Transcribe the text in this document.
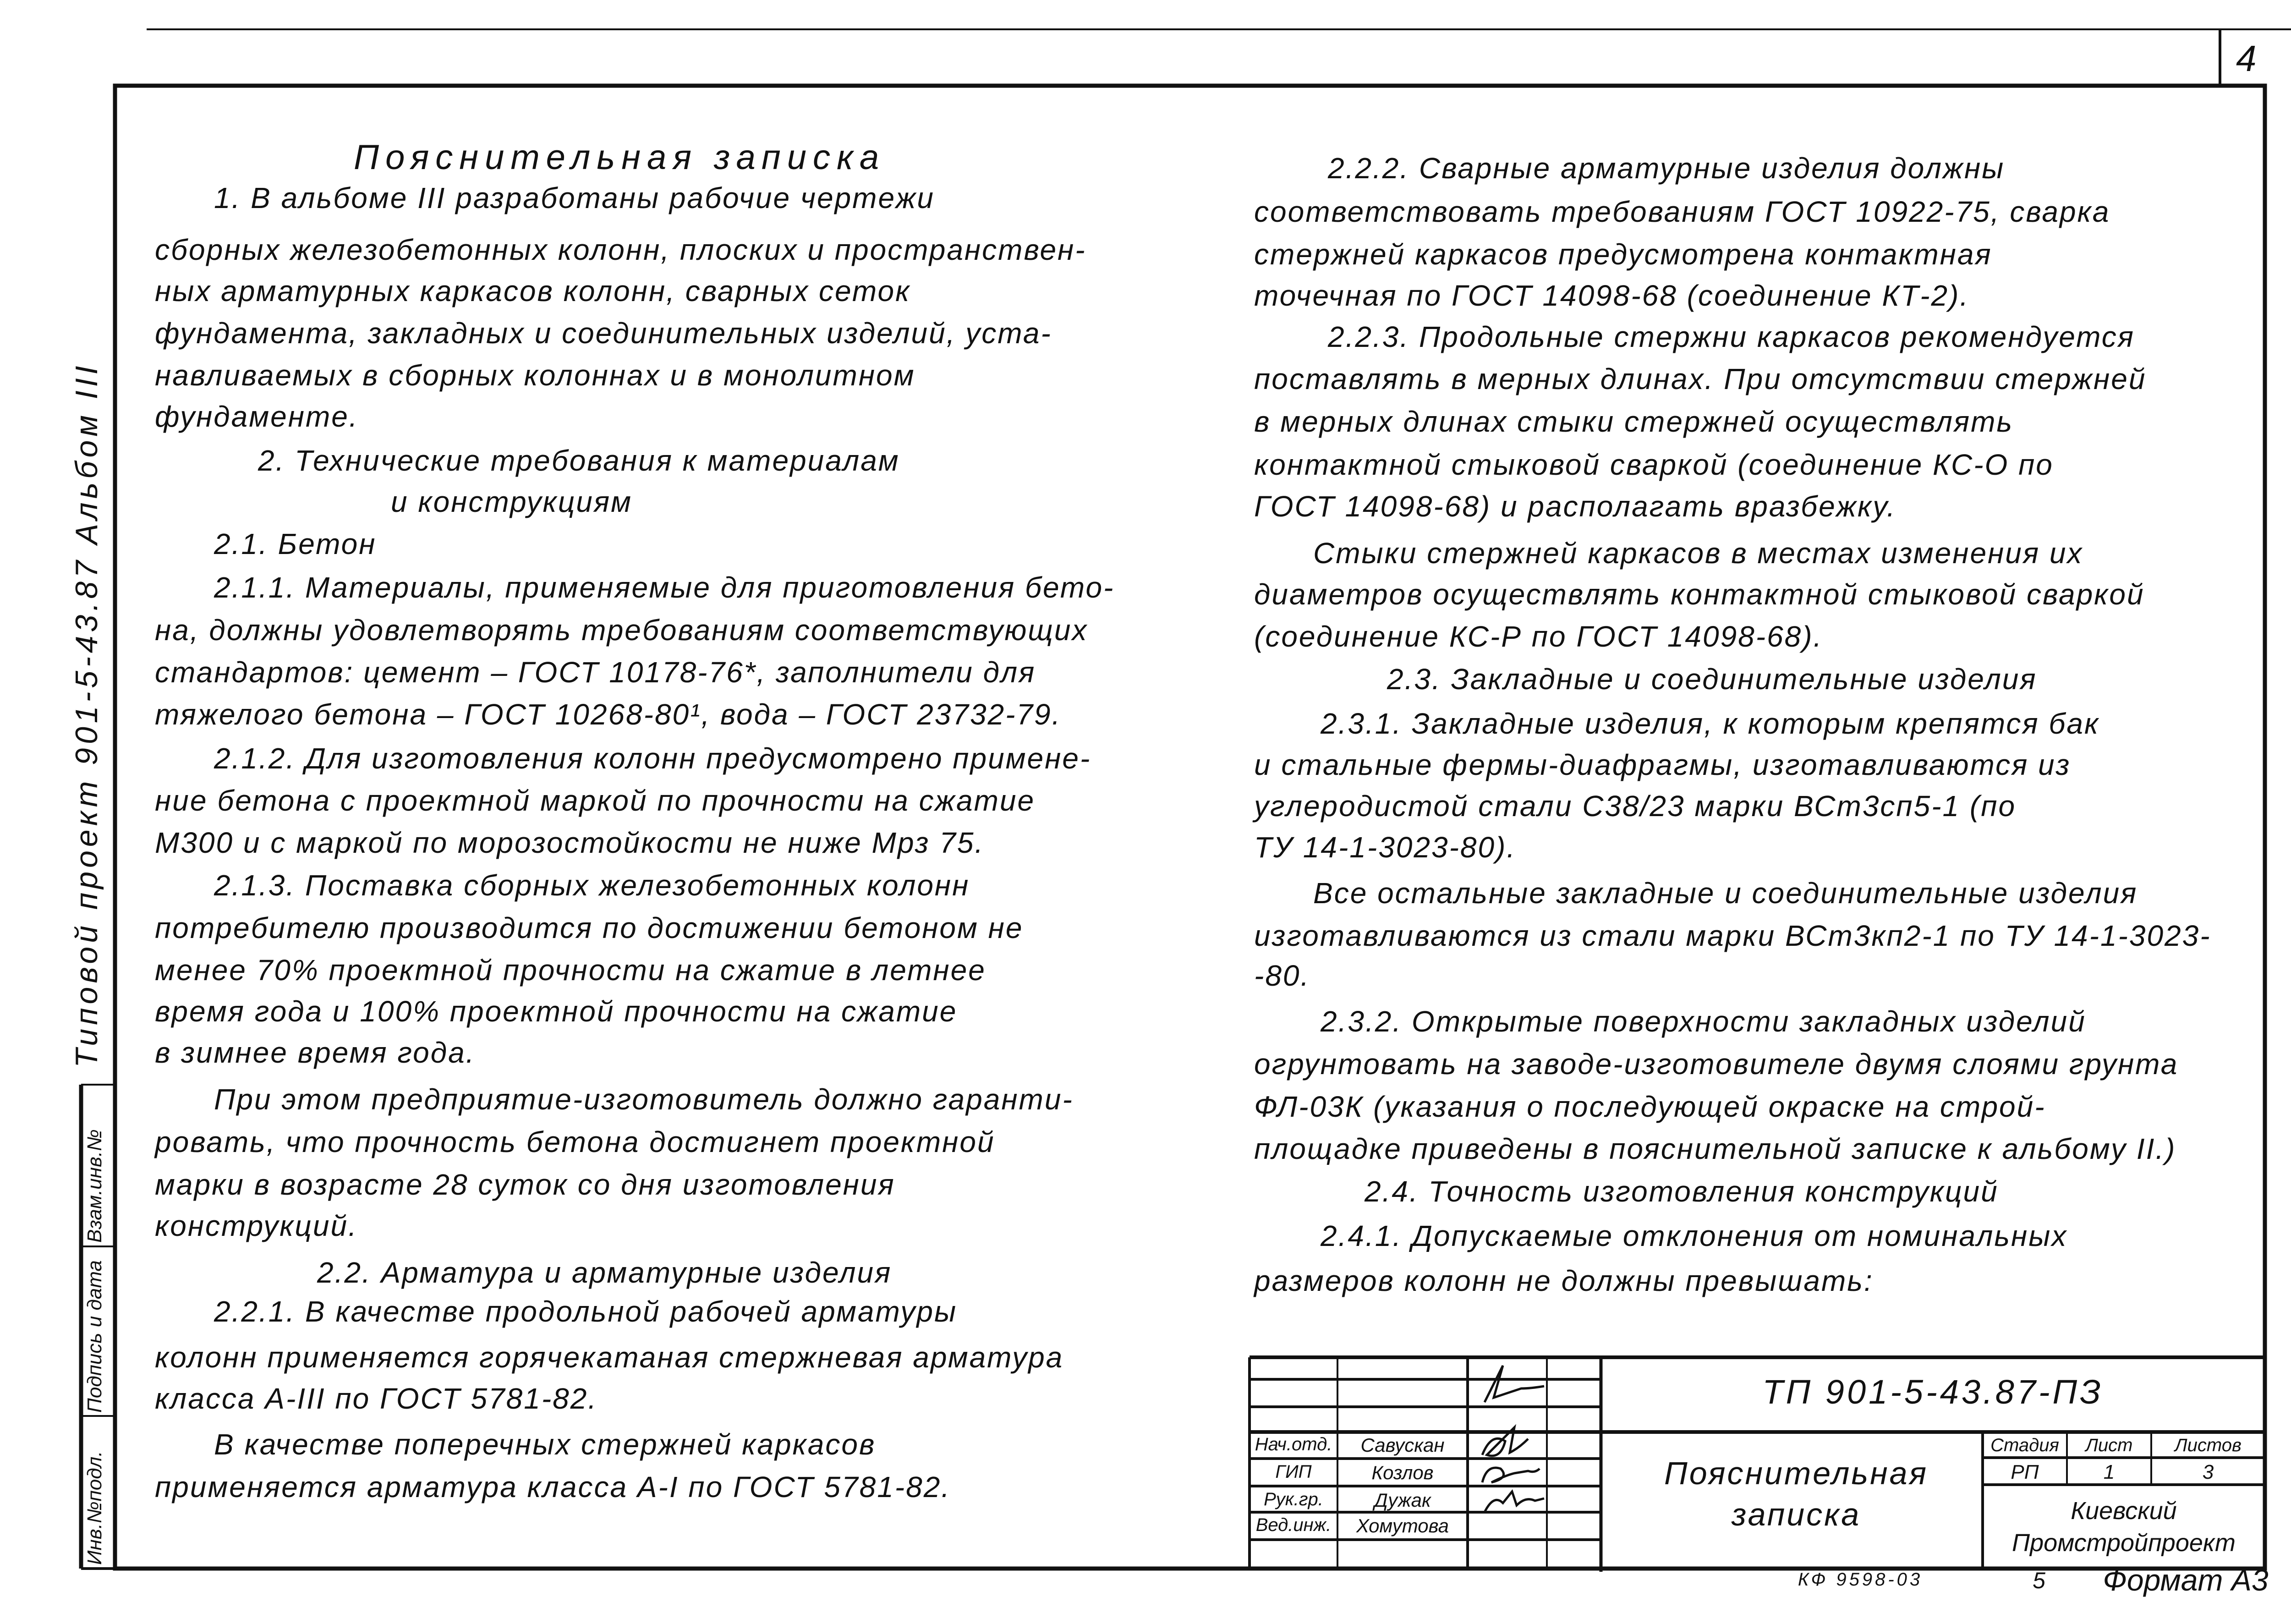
4
Типовой проект 901-5-43.87 Альбом III
Взам.инв.№
Подпись и дата
Инв.№подл.
Пояснительная записка
1. В альбоме III разработаны рабочие чертежи
сборных железобетонных колонн, плоских и пространствен-
ных арматурных каркасов колонн, сварных сеток
фундамента, закладных и соединительных изделий, уста-
навливаемых в сборных колоннах и в монолитном
фундаменте.
2. Технические требования к материалам
и конструкциям
2.1. Бетон
2.1.1. Материалы, применяемые для приготовления бето-
на, должны удовлетворять требованиям соответствующих
стандартов: цемент – ГОСТ 10178-76*, заполнители для
тяжелого бетона – ГОСТ 10268-80¹, вода – ГОСТ 23732-79.
2.1.2. Для изготовления колонн предусмотрено примене-
ние бетона с проектной маркой по прочности на сжатие
М300 и с маркой по морозостойкости не ниже Мрз 75.
2.1.3. Поставка сборных железобетонных колонн
потребителю производится по достижении бетоном не
менее 70% проектной прочности на сжатие в летнее
время года и 100% проектной прочности на сжатие
в зимнее время года.
При этом предприятие-изготовитель должно гаранти-
ровать, что прочность бетона достигнет проектной
марки в возрасте 28 суток со дня изготовления
конструкций.
2.2. Арматура и арматурные изделия
2.2.1. В качестве продольной рабочей арматуры
колонн применяется горячекатаная стержневая арматура
класса А-III по ГОСТ 5781-82.
В качестве поперечных стержней каркасов
применяется арматура класса А-I по ГОСТ 5781-82.
2.2.2. Сварные арматурные изделия должны
соответствовать требованиям ГОСТ 10922-75, сварка
стержней каркасов предусмотрена контактная
точечная по ГОСТ 14098-68 (соединение КТ-2).
2.2.3. Продольные стержни каркасов рекомендуется
поставлять в мерных длинах. При отсутствии стержней
в мерных длинах стыки стержней осуществлять
контактной стыковой сваркой (соединение КС-О по
ГОСТ 14098-68) и располагать вразбежку.
Стыки стержней каркасов в местах изменения их
диаметров осуществлять контактной стыковой сваркой
(соединение КС-Р по ГОСТ 14098-68).
2.3. Закладные и соединительные изделия
2.3.1. Закладные изделия, к которым крепятся бак
и стальные фермы-диафрагмы, изготавливаются из
углеродистой стали С38/23 марки ВСт3сп5-1 (по
ТУ 14-1-3023-80).
Все остальные закладные и соединительные изделия
изготавливаются из стали марки ВСт3кп2-1 по ТУ 14-1-3023-
-80.
2.3.2. Открытые поверхности закладных изделий
огрунтовать на заводе-изготовителе двумя слоями грунта
ФЛ-03К (указания о последующей окраске на строй-
площадке приведены в пояснительной записке к альбому II.)
2.4. Точность изготовления конструкций
2.4.1. Допускаемые отклонения от номинальных
размеров колонн не должны превышать:
ТП 901-5-43.87-ПЗ
Пояснительная записка
Нач.отд.	Савускан
ГИП	Козлов
Рук.гр.	Дужак
Вед.инж.	Хомутова
Стадия	Лист	Листов
РП	1	3
Киевский Промстройпроект
КФ 9598-03	5	Формат А3
